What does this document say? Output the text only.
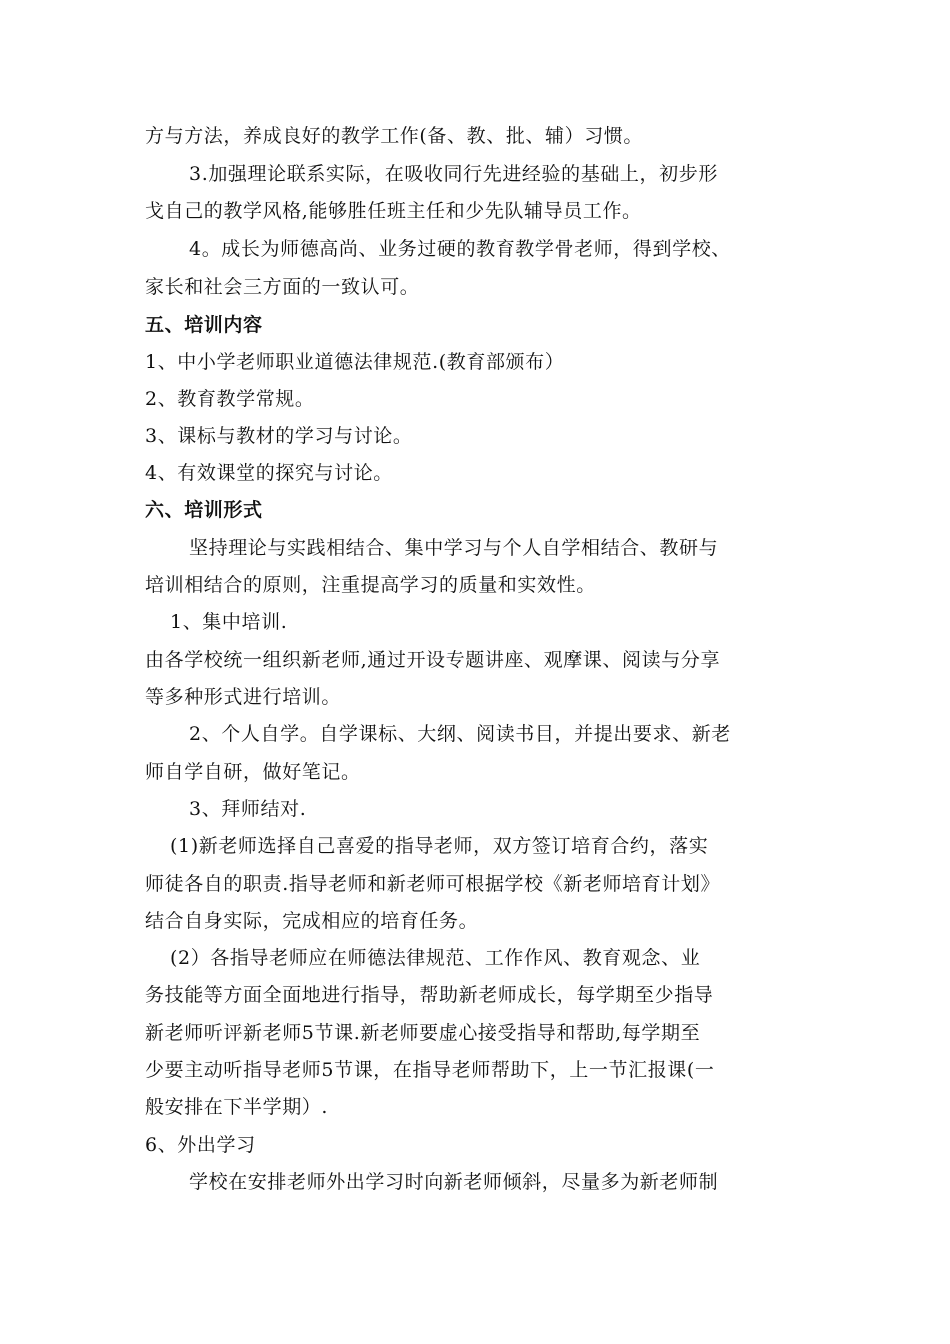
方与方法，养成良好的教学工作(备、教、批、辅）习惯。
3.加强理论联系实际，在吸收同行先进经验的基础上，初步形
戈自己的教学风格,能够胜任班主任和少先队辅导员工作。
4。成长为师德高尚、业务过硬的教育教学骨老师，得到学校、
家长和社会三方面的一致认可。
五、培训内容
1、中小学老师职业道德法律规范.(教育部颁布）
2、教育教学常规。
3、课标与教材的学习与讨论。
4、有效课堂的探究与讨论。
六、培训形式
坚持理论与实践相结合、集中学习与个人自学相结合、教研与
培训相结合的原则，注重提高学习的质量和实效性。
1、集中培训.
由各学校统一组织新老师,通过开设专题讲座、观摩课、阅读与分享
等多种形式进行培训。
2、个人自学。自学课标、大纲、阅读书目，并提出要求、新老
师自学自研，做好笔记。
3、拜师结对.
(1)新老师选择自己喜爱的指导老师，双方签订培育合约，落实
师徒各自的职责.指导老师和新老师可根据学校《新老师培育计划》
结合自身实际，完成相应的培育任务。
(2）各指导老师应在师德法律规范、工作作风、教育观念、业
务技能等方面全面地进行指导，帮助新老师成长，每学期至少指导
新老师听评新老师5节课.新老师要虚心接受指导和帮助,每学期至
少要主动听指导老师5节课，在指导老师帮助下，上一节汇报课(一
般安排在下半学期）.
6、外出学习
学校在安排老师外出学习时向新老师倾斜，尽量多为新老师制
